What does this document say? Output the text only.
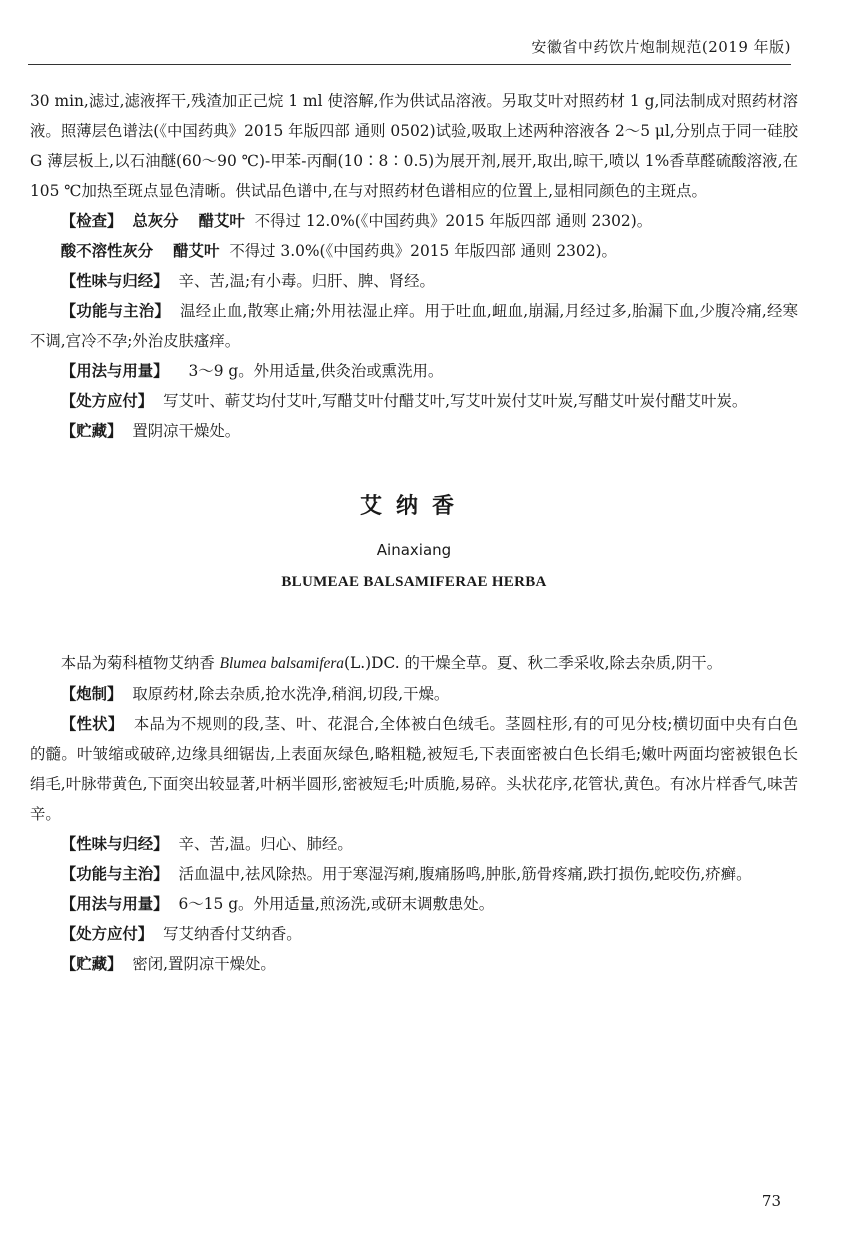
安徽省中药饮片炮制规范(2019 年版)

30 min,滤过,滤液挥干,残渣加正己烷 1 ml 使溶解,作为供试品溶液。另取艾叶对照药材 1 g,同法制成对照药材溶液。照薄层色谱法(《中国药典》2015 年版四部 通则 0502)试验,吸取上述两种溶液各 2～5 μl,分别点于同一硅胶 G 薄层板上,以石油醚(60～90 ℃)-甲苯-丙酮(10∶8∶0.5)为展开剂,展开,取出,晾干,喷以 1%香草醛硫酸溶液,在 105 ℃加热至斑点显色清晰。供试品色谱中,在与对照药材色谱相应的位置上,显相同颜色的主斑点。

【检查】 总灰分 醋艾叶 不得过 12.0%(《中国药典》2015 年版四部 通则 2302)。

酸不溶性灰分 醋艾叶 不得过 3.0%(《中国药典》2015 年版四部 通则 2302)。

【性味与归经】 辛、苦,温;有小毒。归肝、脾、肾经。

【功能与主治】 温经止血,散寒止痛;外用祛湿止痒。用于吐血,衄血,崩漏,月经过多,胎漏下血,少腹冷痛,经寒不调,宫冷不孕;外治皮肤瘙痒。

【用法与用量】 3～9 g。外用适量,供灸治或熏洗用。

【处方应付】 写艾叶、蕲艾均付艾叶,写醋艾叶付醋艾叶,写艾叶炭付艾叶炭,写醋艾叶炭付醋艾叶炭。

【贮藏】 置阴凉干燥处。

艾纳香
Ainaxiang
BLUMEAE BALSAMIFERAE HERBA

本品为菊科植物艾纳香 Blumea balsamifera(L.)DC. 的干燥全草。夏、秋二季采收,除去杂质,阴干。

【炮制】 取原药材,除去杂质,抢水洗净,稍润,切段,干燥。

【性状】 本品为不规则的段,茎、叶、花混合,全体被白色绒毛。茎圆柱形,有的可见分枝;横切面中央有白色的髓。叶皱缩或破碎,边缘具细锯齿,上表面灰绿色,略粗糙,被短毛,下表面密被白色长绢毛;嫩叶两面均密被银色长绢毛,叶脉带黄色,下面突出较显著,叶柄半圆形,密被短毛;叶质脆,易碎。头状花序,花管状,黄色。有冰片样香气,味苦辛。

【性味与归经】 辛、苦,温。归心、肺经。

【功能与主治】 活血温中,祛风除热。用于寒湿泻痢,腹痛肠鸣,肿胀,筋骨疼痛,跌打损伤,蛇咬伤,疥癣。

【用法与用量】 6～15 g。外用适量,煎汤洗,或研末调敷患处。

【处方应付】 写艾纳香付艾纳香。

【贮藏】 密闭,置阴凉干燥处。

73
